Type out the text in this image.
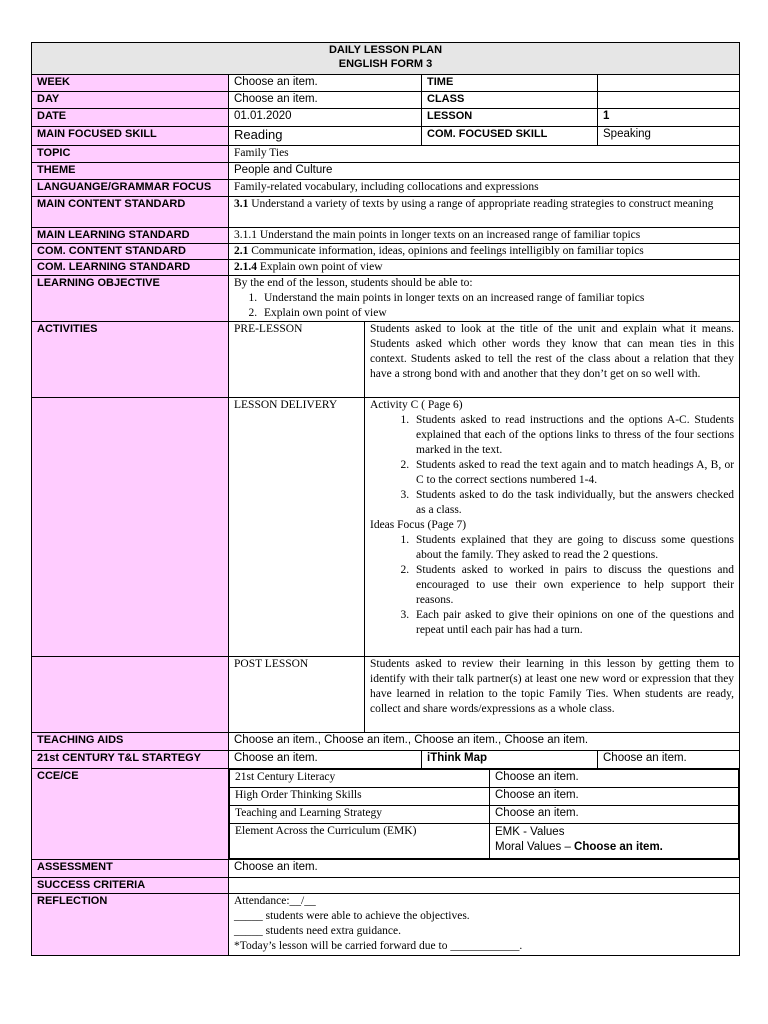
DAILY LESSON PLAN
ENGLISH FORM 3

WEEK	Choose an item.	TIME	
DAY	Choose an item.	CLASS	
DATE	01.01.2020	LESSON	1
MAIN FOCUSED SKILL	Reading	COM. FOCUSED SKILL	Speaking
TOPIC	Family Ties
THEME	People and Culture
LANGUANGE/GRAMMAR FOCUS	Family-related vocabulary, including collocations and expressions
MAIN CONTENT STANDARD	3.1 Understand a variety of texts by using a range of appropriate reading strategies to construct meaning
MAIN LEARNING STANDARD	3.1.1 Understand the main points in longer texts on an increased range of familiar topics
COM. CONTENT STANDARD	2.1 Communicate information, ideas, opinions and feelings intelligibly on familiar topics
COM. LEARNING STANDARD	2.1.4 Explain own point of view
LEARNING OBJECTIVE	By the end of the lesson, students should be able to:
1. Understand the main points in longer texts on an increased range of familiar topics
2. Explain own point of view

ACTIVITIES	PRE-LESSON	Students asked to look at the title of the unit and explain what it means. Students asked which other words they know that can mean ties in this context. Students asked to tell the rest of the class about a relation that they have a strong bond with and another that they don’t get on so well with.
	LESSON DELIVERY	Activity C ( Page 6)
1. Students asked to read instructions and the options A-C. Students explained that each of the options links to thress of the four sections marked in the text.
2. Students asked to read the text again and to match headings A, B, or C to the correct sections numbered 1-4.
3. Students asked to do the task individually, but the answers checked as a class.
Ideas Focus (Page 7)
1. Students explained that they are going to discuss some questions about the family. They asked to read the 2 questions.
2. Students asked to worked in pairs to discuss the questions and encouraged to use their own experience to help support their reasons.
3. Each pair asked to give their opinions on one of the questions and repeat until each pair has had a turn.

	POST LESSON	Students asked to review their learning in this lesson by getting them to identify with their talk partner(s) at least one new word or expression that they have learned in relation to the topic Family Ties. When students are ready, collect and share words/expressions as a whole class.
TEACHING AIDS	Choose an item., Choose an item., Choose an item., Choose an item.
21st CENTURY T&L STARTEGY	Choose an item.	iThink Map	Choose an item.
CCE/CE		21st Century Literacy	Choose an item.
High Order Thinking Skills	Choose an item.
Teaching and Learning Strategy	Choose an item.
Element Across the Curriculum (EMK)	EMK - Values
Moral Values – Choose an item.

ASSESSMENT	Choose an item.
SUCCESS CRITERIA	
REFLECTION	Attendance:__/__
_____ students were able to achieve the objectives.
_____ students need extra guidance.
*Today’s lesson will be carried forward due to ____________.
